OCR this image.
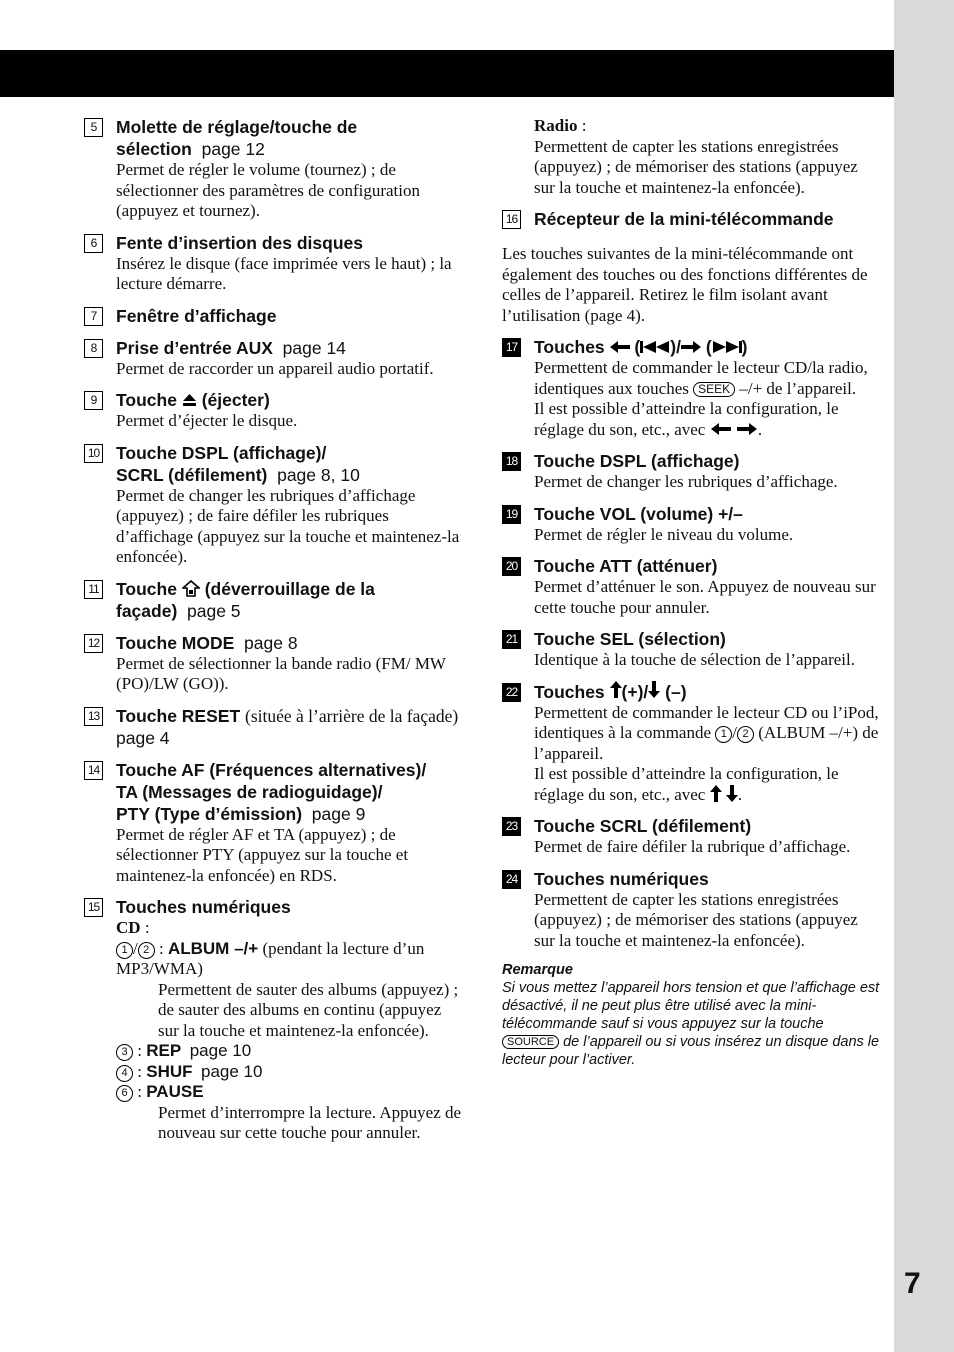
7
5	Molette de réglage/touche de
sélection page 12
Permet de régler le volume (tournez) ; de sélectionner des paramètres de configuration (appuyez et tournez).
6	Fente d’insertion des disques
Insérez le disque (face imprimée vers le haut) ; la lecture démarre.
7	Fenêtre d’affichage
8	Prise d’entrée AUX page 14
Permet de raccorder un appareil audio portatif.
9	Touche (éjecter)
Permet d’éjecter le disque.
10 Touche DSPL (affichage)/
SCRL (défilement) page 8, 10
Permet de changer les rubriques d’affichage (appuyez) ; de faire défiler les rubriques d’affichage (appuyez sur la touche et maintenez-la enfoncée).
11 Touche (déverrouillage de la
façade) page 5
12 Touche MODE page 8
Permet de sélectionner la bande radio (FM/ MW (PO)/LW (GO)).
13 Touche RESET (située à l’arrière de la façade)  page 4
14 Touche AF (Fréquences alternatives)/
TA (Messages de radioguidage)/
PTY (Type d’émission) page 9
Permet de régler AF et TA (appuyez) ; de sélectionner PTY (appuyez sur la touche et maintenez-la enfoncée) en RDS.
15 Touches numériques
CD :
1 / 2 : ALBUM –/+ (pendant la lecture d’un MP3/WMA)
Permettent de sauter des albums (appuyez) ; de sauter des albums en continu (appuyez sur la touche et maintenez-la enfoncée).
3 : REP page 10
4 : SHUF page 10
6 : PAUSE
Permet d’interrompre la lecture. Appuyez de nouveau sur cette touche pour annuler.
Radio :
Permettent de capter les stations enregistrées (appuyez) ; de mémoriser des stations (appuyez sur la touche et maintenez-la enfoncée).
16 Récepteur de la mini-télécommande
Les touches suivantes de la mini-télécommande ont également des touches ou des fonctions différentes de celles de l’appareil. Retirez le film isolant avant l’utilisation (page 4).
17 Touches  ( )/ ( )
Permettent de commander le lecteur CD/la radio, identiques aux touches SEEK –/+ de l’appareil.
Il est possible d’atteindre la configuration, le réglage du son, etc., avec	.
18 Touche DSPL (affichage)
Permet de changer les rubriques d’affichage.
19 Touche VOL (volume) +/–
Permet de régler le niveau du volume.
20 Touche ATT (atténuer)
Permet d’atténuer le son. Appuyez de nouveau sur cette touche pour annuler.
21 Touche SEL (sélection)
Identique à la touche de sélection de l’appareil.
22 Touches (+)/ (–)
Permettent de commander le lecteur CD ou l’iPod, identiques à la commande 1 / 2 (ALBUM –/+) de l’appareil.
Il est possible d’atteindre la configuration, le réglage du son, etc., avec .
23 Touche SCRL (défilement)
Permet de faire défiler la rubrique d’affichage.
24 Touches numériques
Permettent de capter les stations enregistrées (appuyez) ; de mémoriser des stations (appuyez sur la touche et maintenez-la enfoncée).
Remarque
Si vous mettez l’appareil hors tension et que l’affichage est désactivé, il ne peut plus être utilisé avec la mini-télécommande sauf si vous appuyez sur la touche SOURCE de l’appareil ou si vous insérez un disque dans le lecteur pour l’activer.
